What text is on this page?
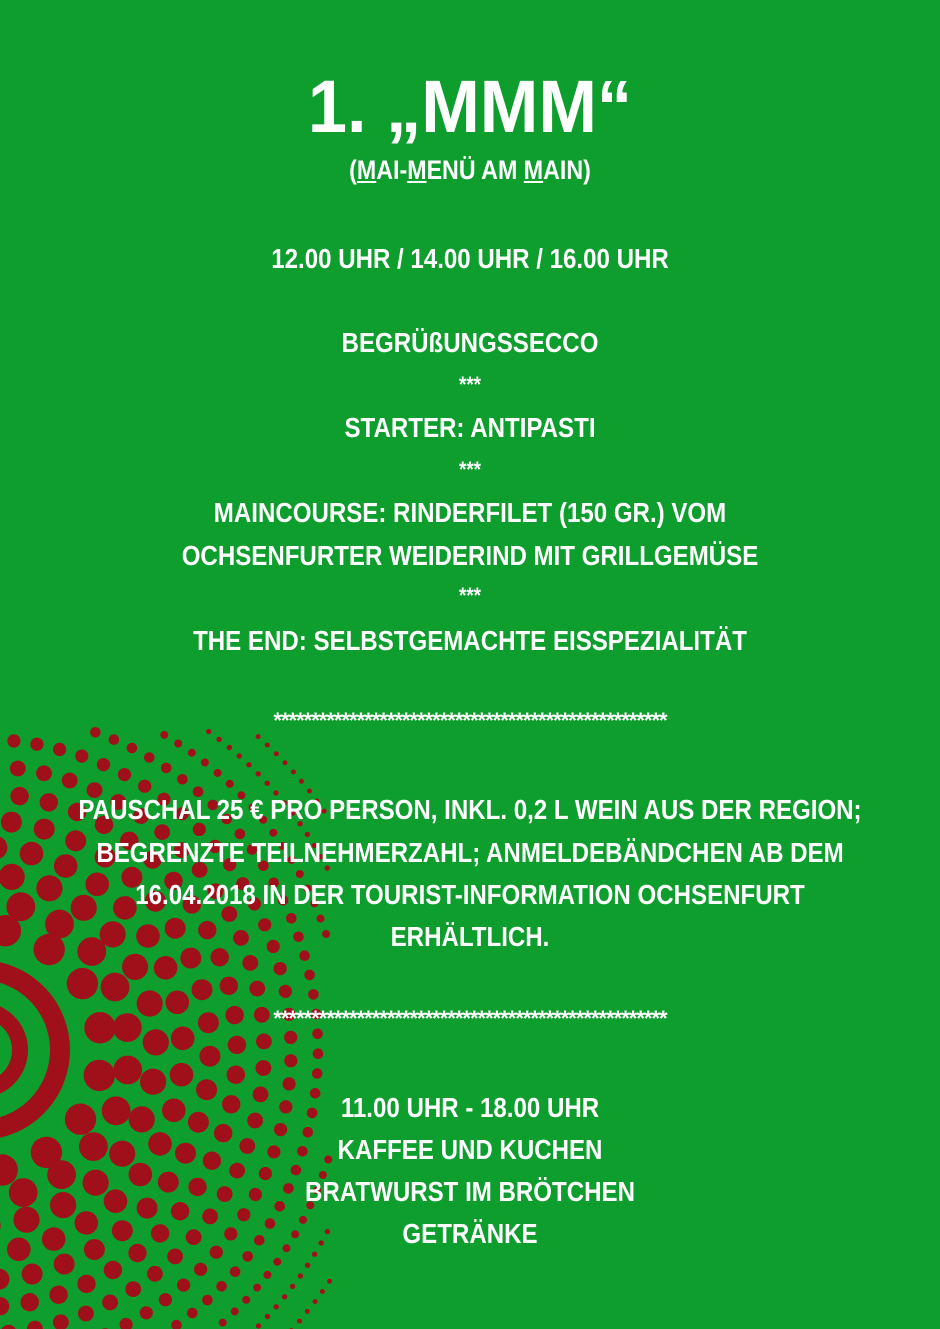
1. „MMM“
(MAI-MENÜ AM MAIN)
12.00 UHR / 14.00 UHR / 16.00 UHR
BEGRÜßUNGSSECCO
***
STARTER: ANTIPASTI
***
MAINCOURSE: RINDERFILET (150 GR.) VOM
OCHSENFURTER WEIDERIND MIT GRILLGEMÜSE
***
THE END: SELBSTGEMACHTE EISSPEZIALITÄT
****************************************************
PAUSCHAL 25 € PRO PERSON, INKL. 0,2 L WEIN AUS DER REGION;
BEGRENZTE TEILNEHMERZAHL; ANMELDEBÄNDCHEN AB DEM
16.04.2018 IN DER TOURIST-INFORMATION OCHSENFURT
ERHÄLTLICH.
****************************************************
11.00 UHR - 18.00 UHR
KAFFEE UND KUCHEN
BRATWURST IM BRÖTCHEN
GETRÄNKE
